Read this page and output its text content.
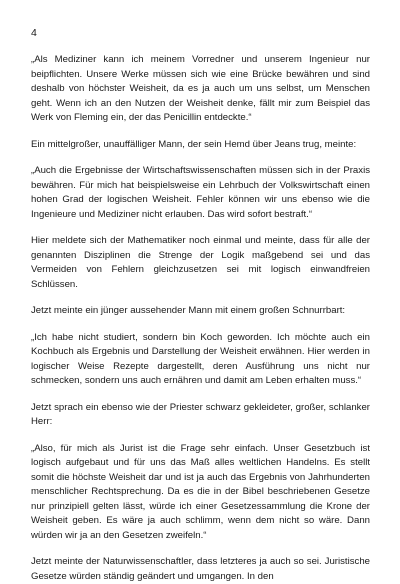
4

„Als Mediziner kann ich meinem Vorredner und unserem Ingenieur nur beipflichten. Unsere Werke müssen sich wie eine Brücke bewähren und sind deshalb von höchster Weisheit, da es ja auch um uns selbst, um Menschen geht. Wenn ich an den Nutzen der Weisheit denke, fällt mir zum Beispiel das Werk von Fleming ein, der das Penicillin entdeckte.“

Ein mittelgroßer, unauffälliger Mann, der sein Hemd über Jeans trug, meinte:

„Auch die Ergebnisse der Wirtschaftswissenschaften müssen sich in der Praxis bewähren. Für mich hat beispielsweise ein Lehrbuch der Volkswirtschaft einen hohen Grad der logischen Weisheit. Fehler können wir uns ebenso wie die Ingenieure und Mediziner nicht erlauben. Das wird sofort bestraft.“

Hier meldete sich der Mathematiker noch einmal und meinte, dass für alle der genannten Disziplinen die Strenge der Logik maßgebend sei und das Vermeiden von Fehlern gleichzusetzen sei mit logisch einwandfreien Schlüssen.

Jetzt meinte ein jünger aussehender Mann mit einem großen Schnurrbart:

„Ich habe nicht studiert, sondern bin Koch geworden. Ich möchte auch ein Kochbuch als Ergebnis und Darstellung der Weisheit erwähnen. Hier werden in logischer Weise Rezepte dargestellt, deren Ausführung uns nicht nur schmecken, sondern uns auch ernähren und damit am Leben erhalten muss.“

Jetzt sprach ein ebenso wie der Priester schwarz gekleideter, großer, schlanker Herr:

„Also, für mich als Jurist ist die Frage sehr einfach. Unser Gesetzbuch ist logisch aufgebaut und für uns das Maß alles weltlichen Handelns. Es stellt somit die höchste Weisheit dar und ist ja auch das Ergebnis von Jahrhunderten menschlicher Rechtsprechung. Da es die in der Bibel beschriebenen Gesetze nur prinzipiell gelten lässt, würde ich einer Gesetzessammlung die Krone der Weisheit geben. Es wäre ja auch schlimm, wenn dem nicht so wäre. Dann würden wir ja an den Gesetzen zweifeln.“

Jetzt meinte der Naturwissenschaftler, dass letzteres ja auch so sei. Juristische Gesetze würden ständig geändert und umgangen. In den
